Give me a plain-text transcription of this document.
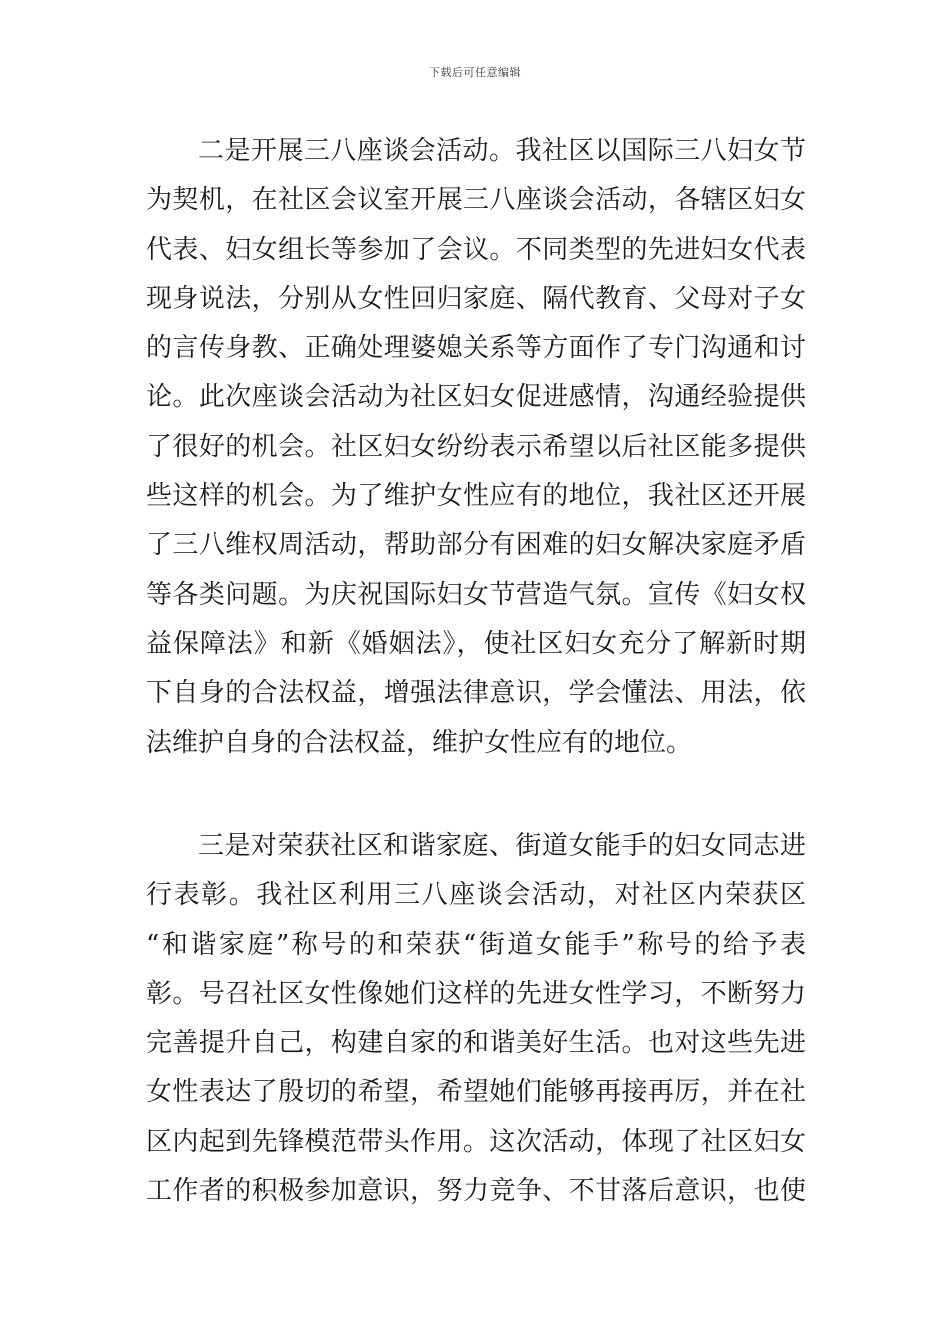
下载后可任意编辑
二是开展三八座谈会活动。我社区以国际三八妇女节
为契机，在社区会议室开展三八座谈会活动，各辖区妇女
代表、妇女组长等参加了会议。不同类型的先进妇女代表
现身说法，分别从女性回归家庭、隔代教育、父母对子女
的言传身教、正确处理婆媳关系等方面作了专门沟通和讨
论。此次座谈会活动为社区妇女促进感情，沟通经验提供
了很好的机会。社区妇女纷纷表示希望以后社区能多提供
些这样的机会。为了维护女性应有的地位，我社区还开展
了三八维权周活动，帮助部分有困难的妇女解决家庭矛盾
等各类问题。为庆祝国际妇女节营造气氛。宣传《妇女权
益保障法》和新《婚姻法》，使社区妇女充分了解新时期
下自身的合法权益，增强法律意识，学会懂法、用法，依
法维护自身的合法权益，维护女性应有的地位。
三是对荣获社区和谐家庭、街道女能手的妇女同志进
行表彰。我社区利用三八座谈会活动，对社区内荣获区
“和谐家庭”称号的和荣获“街道女能手”称号的给予表
彰。号召社区女性像她们这样的先进女性学习，不断努力
完善提升自己，构建自家的和谐美好生活。也对这些先进
女性表达了殷切的希望，希望她们能够再接再厉，并在社
区内起到先锋模范带头作用。这次活动，体现了社区妇女
工作者的积极参加意识，努力竞争、不甘落后意识，也使
